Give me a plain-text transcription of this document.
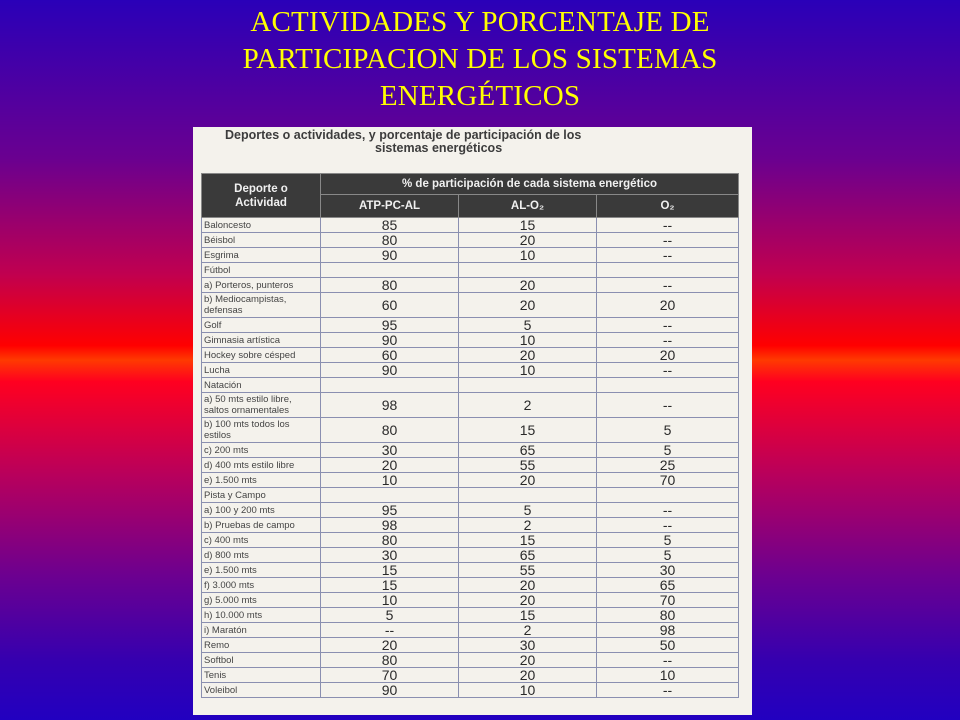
ACTIVIDADES Y PORCENTAJE DE
PARTICIPACION DE LOS SISTEMAS
ENERGÉTICOS
Deportes o actividades, y porcentaje de participación de los
sistemas energéticos
Deporte o
Actividad	% de participación de cada sistema energético		
	ATP-PC-AL	AL-O₂	O₂
Baloncesto	85	15	--
Béisbol	80	20	--
Esgrima	90	10	--
Fútbol			
a) Porteros, punteros	80	20	--
b) Mediocampistas, defensas	60	20	20
Golf	95	5	--
Gimnasia artística	90	10	--
Hockey sobre césped	60	20	20
Lucha	90	10	--
Natación			
a) 50 mts estilo libre, saltos ornamentales	98	2	--
b) 100 mts todos los estilos	80	15	5
c) 200 mts	30	65	5
d) 400 mts estilo libre	20	55	25
e) 1.500 mts	10	20	70
Pista y Campo			
a) 100 y 200 mts	95	5	--
b) Pruebas de campo	98	2	--
c) 400 mts	80	15	5
d) 800 mts	30	65	5
e) 1.500 mts	15	55	30
f) 3.000 mts	15	20	65
g) 5.000 mts	10	20	70
h) 10.000 mts	5	15	80
i) Maratón	--	2	98
Remo	20	30	50
Softbol	80	20	--
Tenis	70	20	10
Voleibol	90	10	--
